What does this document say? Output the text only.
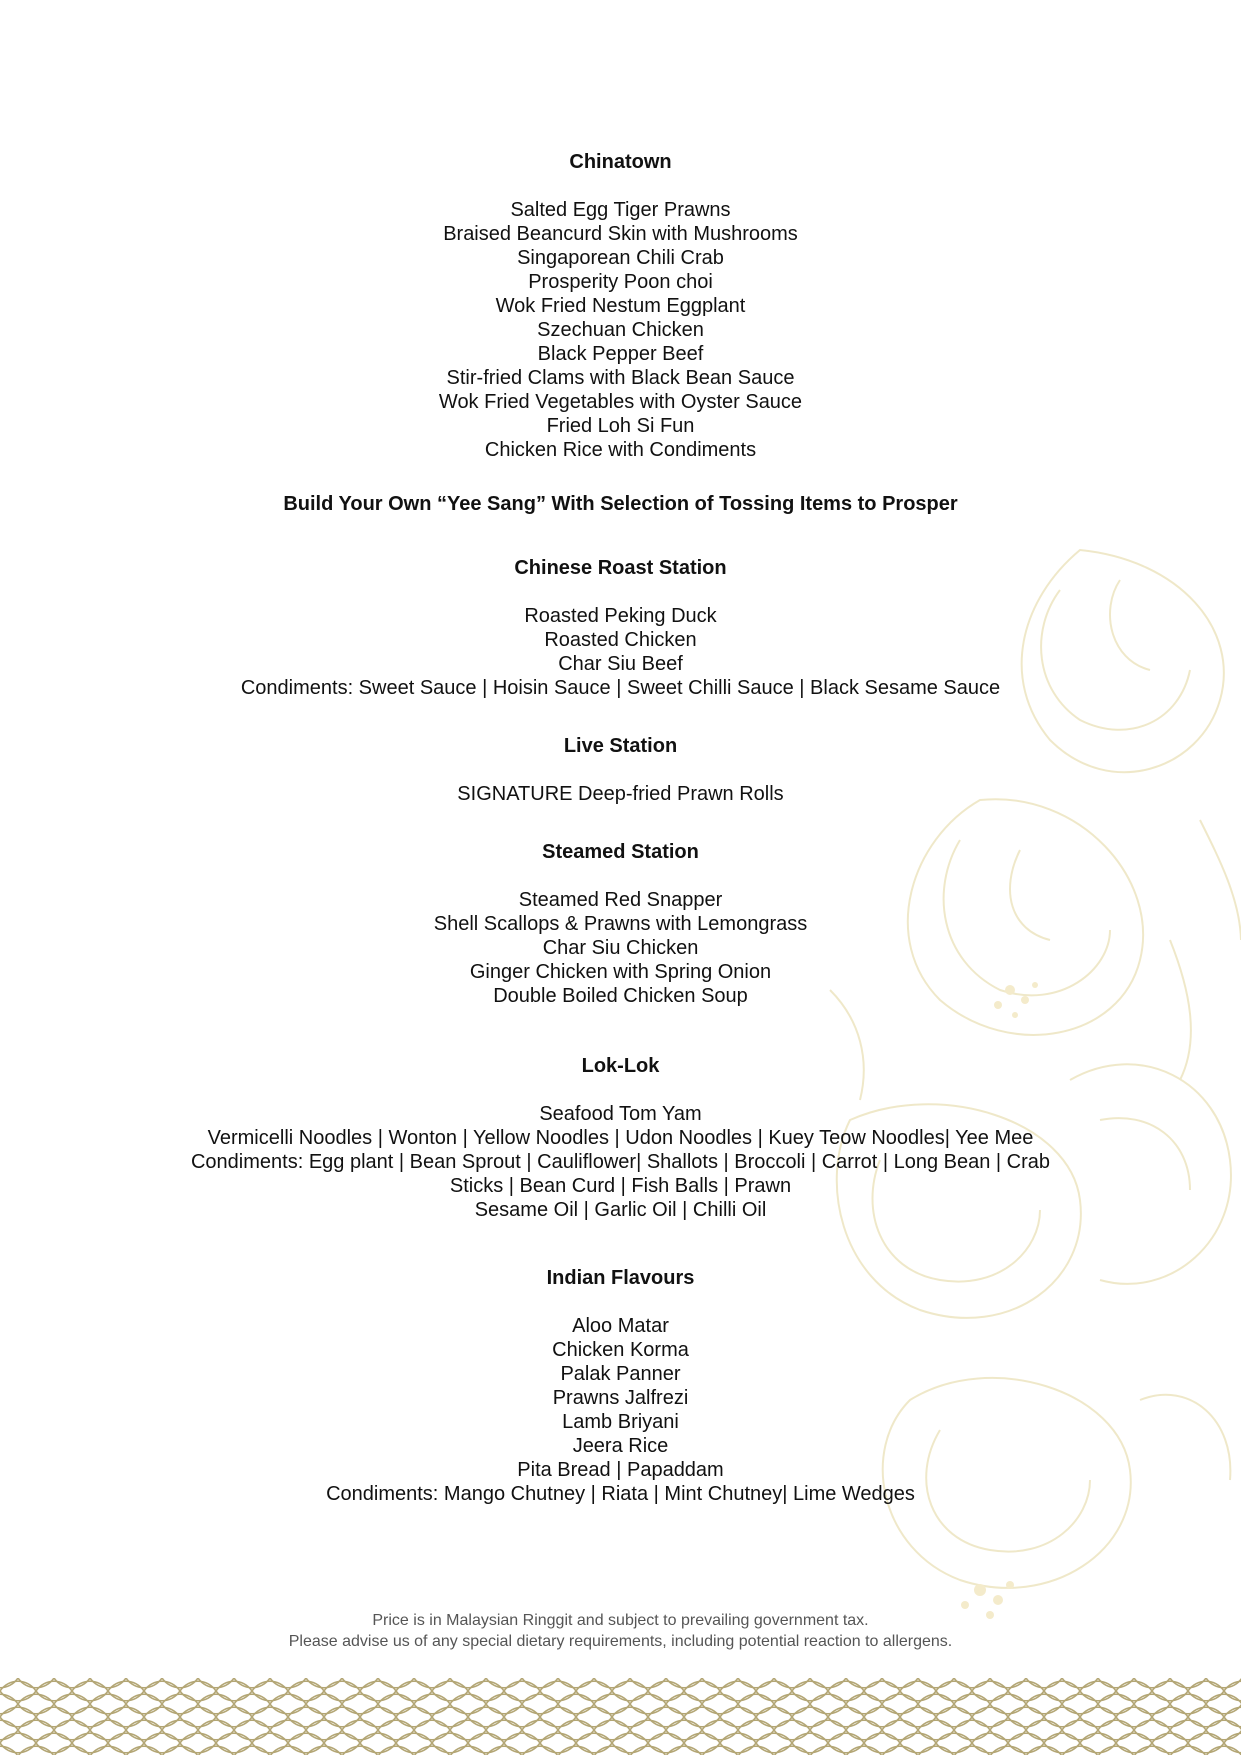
Chinatown
Salted Egg Tiger Prawns
Braised Beancurd Skin with Mushrooms
Singaporean Chili Crab
Prosperity Poon choi
Wok Fried Nestum Eggplant
Szechuan Chicken
Black Pepper Beef
Stir-fried Clams with Black Bean Sauce
Wok Fried Vegetables with Oyster Sauce
Fried Loh Si Fun
Chicken Rice with Condiments
Build Your Own “Yee Sang” With Selection of Tossing Items to Prosper
Chinese Roast Station
Roasted Peking Duck
Roasted Chicken
Char Siu Beef
Condiments: Sweet Sauce | Hoisin Sauce | Sweet Chilli Sauce | Black Sesame Sauce
Live Station
SIGNATURE Deep-fried Prawn Rolls
Steamed Station
Steamed Red Snapper
Shell Scallops & Prawns with Lemongrass
Char Siu Chicken
Ginger Chicken with Spring Onion
Double Boiled Chicken Soup
Lok-Lok
Seafood Tom Yam
Vermicelli Noodles | Wonton | Yellow Noodles | Udon Noodles | Kuey Teow Noodles| Yee Mee
Condiments: Egg plant | Bean Sprout | Cauliflower| Shallots | Broccoli | Carrot | Long Bean | Crab
Sticks | Bean Curd | Fish Balls | Prawn
Sesame Oil | Garlic Oil | Chilli Oil
Indian Flavours
Aloo Matar
Chicken Korma
Palak Panner
Prawns Jalfrezi
Lamb Briyani
Jeera Rice
Pita Bread | Papaddam
Condiments: Mango Chutney | Riata | Mint Chutney| Lime Wedges
Price is in Malaysian Ringgit and subject to prevailing government tax.
Please advise us of any special dietary requirements, including potential reaction to allergens.
